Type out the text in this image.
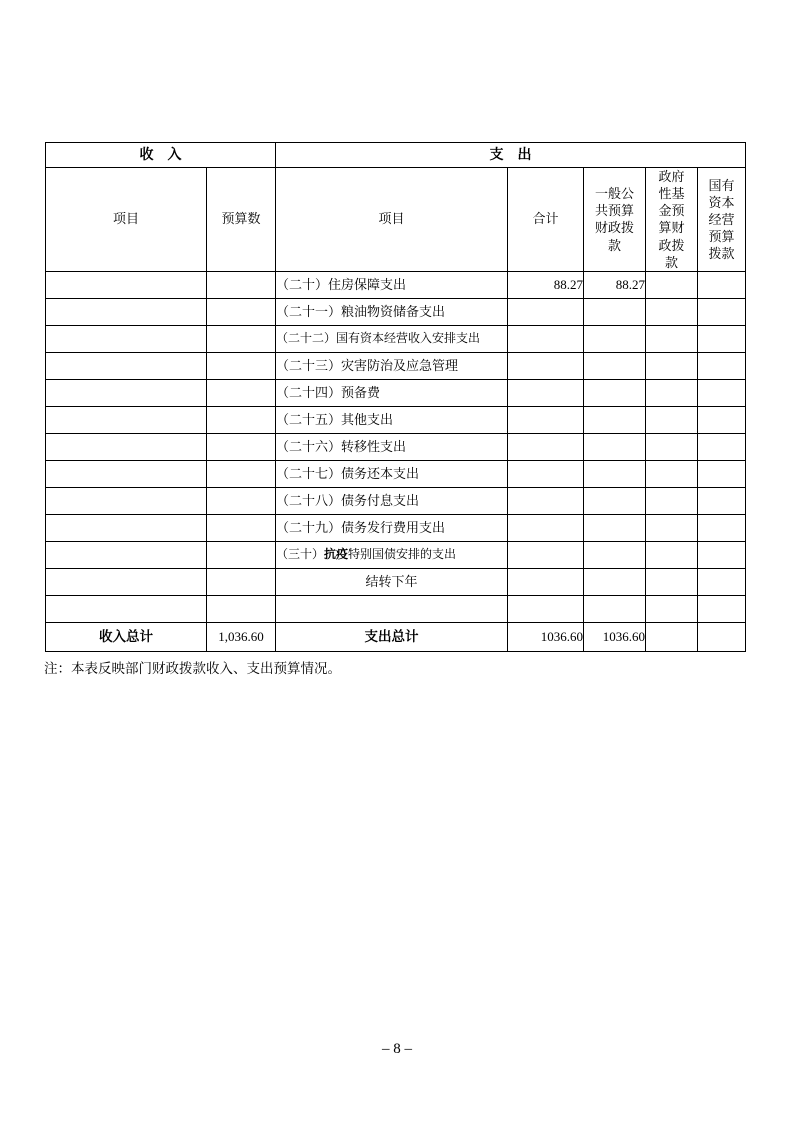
收　入		支　出				
项目	预算数	项目	合计	一般公共预算财政拨款	政府性基金预算财政拨款	国有资本经营预算拨款

		（二十）住房保障支出	88.27	88.27		
		（二十一）粮油物资储备支出				
		（二十二）国有资本经营收入安排支出				
		（二十三）灾害防治及应急管理				
		（二十四）预备费				
		（二十五）其他支出				
		（二十六）转移性支出				
		（二十七）债务还本支出				
		（二十八）债务付息支出				
		（二十九）债务发行费用支出				
		（三十）抗疫特别国债安排的支出				
		结转下年				

收入总计	1,036.60	支出总计	1036.60	1036.60		
注：本表反映部门财政拨款收入、支出预算情况。
– 8 –
